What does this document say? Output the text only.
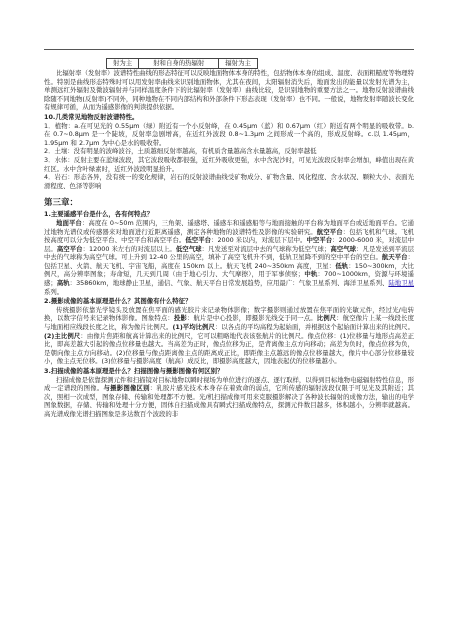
射为主	射和自身的热辐射	辐射为主

比辐射率（发射率）波谱特性曲线的形态特征可以反映地面物体本身的特性，包括物体本身的组成、温度、表面粗糙度等物理特性。特别是曲线形态特殊时可以用发射率曲线来识别地面物体，尤其在夜间，太阳辐射消失后，地面发出的能量以发射光谱为主，单测远红外辐射及微波辐射并与同样温度条件下的比辐射率（发射率）曲线比较，是识别地物的重要方法之一。地物反射波谱曲线除随不同地物(反射率)不同外，同种地物在不同内部结构和外部条件下形态表现（发射率）也不同。一般说，地物发射率随波长变化有规律可循，从而为遥感影像的判读提供依据。

10.几类常见地物反射波谱特性。

1．植物：a.在可见光的 0.55μm（绿）附近有一个小反射峰，在 0.45μm（蓝）和 0.67μm（红）附近有两个明显的吸收带。b.在 0.7~0.8μm 是一个陡坡，反射率急剧增高，在近红外波段 0.8~1.3μm 之间形成一个高的，形成反射峰。c.以 1.45μm，1.95μm 和 2.7μm 为中心是水的吸收带。

2．土壤：没有明显的波峰波谷，土质越细反射率越高，有机质含量越高含水量越高，反射率越低

3．水体：反射主要在蓝绿波段，其它波段吸收都很强，近红外吸收更强，水中含泥沙时，可见光波段反射率会增加，峰值出现在黄红区。水中含叶绿素时，近红外波段明显抬升。

4．岩石：形态各异，没有统一的变化规律，岩石的反射波谱曲线受矿物成分、矿物含量、风化程度、含水状况、颗粒大小、表面光滑程度、色泽等影响

第三章：

1.主要遥感平台是什么，各有何特点？

地面平台：高度在 0~50m 范围内，三角架、遥感塔、遥感车和遥感船等与地面接触的平台称为地面平台或近地面平台。它通过地物光谱仪或传感器来对地面进行近距离遥感，测定各种地物的波谱特性及影像的实验研究。航空平台：包括飞机和气球。飞机按高度可以分为低空平台、中空平台和高空平台。低空平台：2000 米以内，对流层下层中。中空平台：2000-6000 米，对流层中层。高空平台：12000 米左右的对流层以上。低空气球：凡发送至对流层中去的气球称为低空气球；高空气球：凡是发送到平流层中去的气球称为高空气球。可上升到 12-40 公里的高空，填补了高空飞机升不到，低轨卫星降不到的空中平台的空白。航天平台：包括卫星、火箭、航天飞机、宇宙飞船，高度在 150km 以上。航天飞机 240~350km 高度，卫星：低轨：150~300km，大比例尺，高分辨率图象；寿命短，几天到几周（由于地心引力、大气摩擦），用于军事侦察；中轨：700~1000km，资源与环境遥感；高轨：35860km，地球静止卫星，通信、气象、航天平台日常发展趋势，应用最广：气象卫星系列、海洋卫星系列、陆地卫星系列。

2.摄影成像的基本原理是什么？其图像有什么特征？

传统摄影依靠光学镜头及放置在焦平面的感光胶片来记录物体影像；数字摄影则通过放置在焦平面的光敏元件，经过光/电转换，以数字信号来记录物体影像。图象特点：投影：航片是中心投影，即摄影光线交于同一点。比例尺：航空像片上某一线段长度与地面相应线段长度之比，称为像片比例尺。(1)平均比例尺：以各点的平均高程为起始面，并根据这个起始面计算出来的比例尺。(2)主比例尺：由像片焦距和航高计算出来的比例尺，它可以粗略地代表该张航片的比例尺。像点位移：(1)位移量与地形点高差正比，即高差越大引起的像点位移量也越大。当高差为正时，像点位移为正，是背离像主点方向移动；高差为负时，像点位移为负，是朝向像主点方向移动。(2)位移量与像点距离像主点的距离成正比，即距像主点越远的像点位移量越大，像片中心部分位移量较小，像主点无位移。(3)位移量与摄影高度（航高）成反比，即摄影高度越大，因地表起伏的位移量越小。

3.扫描成像的基本原理是什么？扫描图像与摄影图像有何区别？

扫描成像是依靠探测元件和扫描镜对目标地物以瞬时视场为单位进行的逐点、逐行取样，以得到目标地物电磁辐射特性信息，形成一定谱段的图像。与摄影图像区别：乳胶片感光技术本身存在着致命的弱点，它所传感的辐射波段仅限于可见光及其附近；其次，照相一次成型，图象存储、传输和处理都不方便。光/机扫描成像可用来克服摄影解决了各种波长辐射的成像方法，输出的电学图象数据，存储、传输和处理十分方便，固体自扫描成像具有瞬式扫描成像特点，探测元件数目越多，体积越小，分辨率就越高。高光谱成像光谱扫描图象是多达数百个波段的非
